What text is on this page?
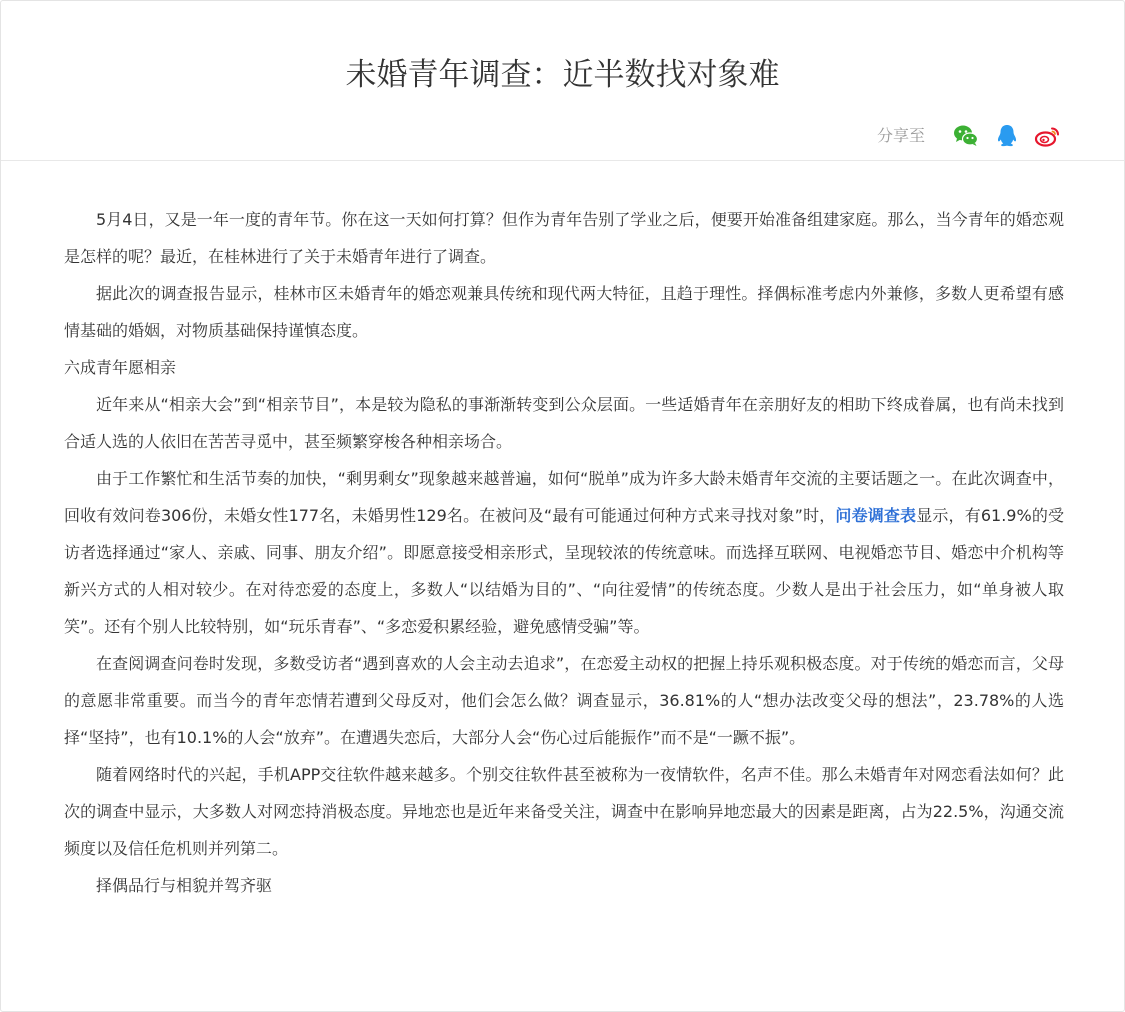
未婚青年调查：近半数找对象难
分享至

5月4日，又是一年一度的青年节。你在这一天如何打算？但作为青年告别了学业之后，便要开始准备组建家庭。那么，当今青年的婚恋观是怎样的呢？最近，在桂林进行了关于未婚青年进行了调查。

据此次的调查报告显示，桂林市区未婚青年的婚恋观兼具传统和现代两大特征，且趋于理性。择偶标准考虑内外兼修，多数人更希望有感情基础的婚姻，对物质基础保持谨慎态度。

六成青年愿相亲

近年来从“相亲大会”到“相亲节目”，本是较为隐私的事渐渐转变到公众层面。一些适婚青年在亲朋好友的相助下终成眷属，也有尚未找到合适人选的人依旧在苦苦寻觅中，甚至频繁穿梭各种相亲场合。

由于工作繁忙和生活节奏的加快，“剩男剩女”现象越来越普遍，如何“脱单”成为许多大龄未婚青年交流的主要话题之一。在此次调查中，回收有效问卷306份，未婚女性177名，未婚男性129名。在被问及“最有可能通过何种方式来寻找对象”时，问卷调查表显示，有61.9%的受访者选择通过“家人、亲戚、同事、朋友介绍”。即愿意接受相亲形式，呈现较浓的传统意味。而选择互联网、电视婚恋节目、婚恋中介机构等新兴方式的人相对较少。在对待恋爱的态度上，多数人“以结婚为目的”、“向往爱情”的传统态度。少数人是出于社会压力，如“单身被人取笑”。还有个别人比较特别，如“玩乐青春”、“多恋爱积累经验，避免感情受骗”等。

在查阅调查问卷时发现，多数受访者“遇到喜欢的人会主动去追求”，在恋爱主动权的把握上持乐观积极态度。对于传统的婚恋而言，父母的意愿非常重要。而当今的青年恋情若遭到父母反对，他们会怎么做？调查显示，36.81%的人“想办法改变父母的想法”，23.78%的人选择“坚持”，也有10.1%的人会“放弃”。在遭遇失恋后，大部分人会“伤心过后能振作”而不是“一蹶不振”。

随着网络时代的兴起，手机APP交往软件越来越多。个别交往软件甚至被称为一夜情软件，名声不佳。那么未婚青年对网恋看法如何？此次的调查中显示，大多数人对网恋持消极态度。异地恋也是近年来备受关注，调查中在影响异地恋最大的因素是距离，占为22.5%，沟通交流频度以及信任危机则并列第二。

择偶品行与相貌并驾齐驱
